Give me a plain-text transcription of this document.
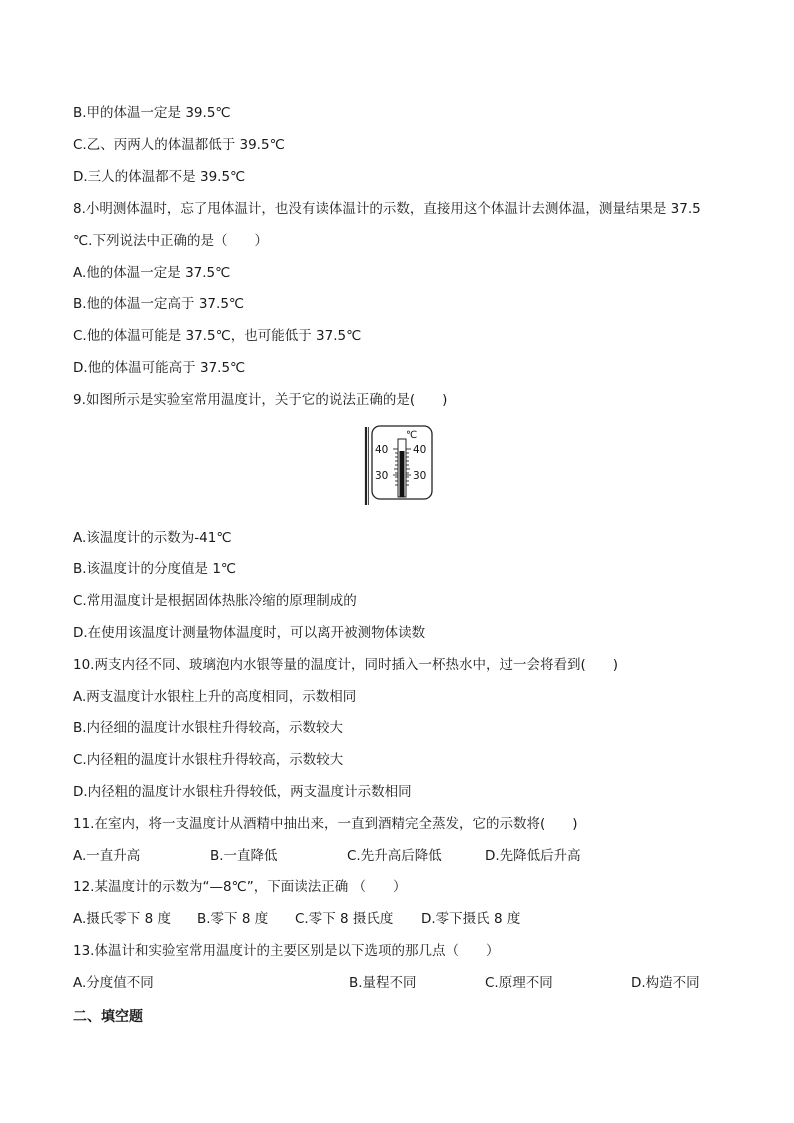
B.甲的体温一定是 39.5℃
C.乙、丙两人的体温都低于 39.5℃
D.三人的体温都不是 39.5℃
8.小明测体温时，忘了甩体温计，也没有读体温计的示数，直接用这个体温计去测体温，测量结果是 37.5
℃.下列说法中正确的是（　　）
A.他的体温一定是 37.5℃
B.他的体温一定高于 37.5℃
C.他的体温可能是 37.5℃，也可能低于 37.5℃
D.他的体温可能高于 37.5℃
9.如图所示是实验室常用温度计，关于它的说法正确的是(　　)
℃
40
30
40
30
A.该温度计的示数为-41℃
B.该温度计的分度值是 1℃
C.常用温度计是根据固体热胀冷缩的原理制成的
D.在使用该温度计测量物体温度时，可以离开被测物体读数
10.两支内径不同、玻璃泡内水银等量的温度计，同时插入一杯热水中，过一会将看到(　　)
A.两支温度计水银柱上升的高度相同，示数相同
B.内径细的温度计水银柱升得较高，示数较大
C.内径粗的温度计水银柱升得较高，示数较大
D.内径粗的温度计水银柱升得较低，两支温度计示数相同
11.在室内，将一支温度计从酒精中抽出来，一直到酒精完全蒸发，它的示数将(　　)
A.一直升高	B.一直降低	C.先升高后降低	D.先降低后升高
12.某温度计的示数为“—8℃”，下面读法正确 （　　）
A.摄氏零下 8 度 B.零下 8 度 C.零下 8 摄氏度 D.零下摄氏 8 度
13.体温计和实验室常用温度计的主要区别是以下选项的那几点（　　）
A.分度值不同	B.量程不同	C.原理不同	D.构造不同
二、填空题
